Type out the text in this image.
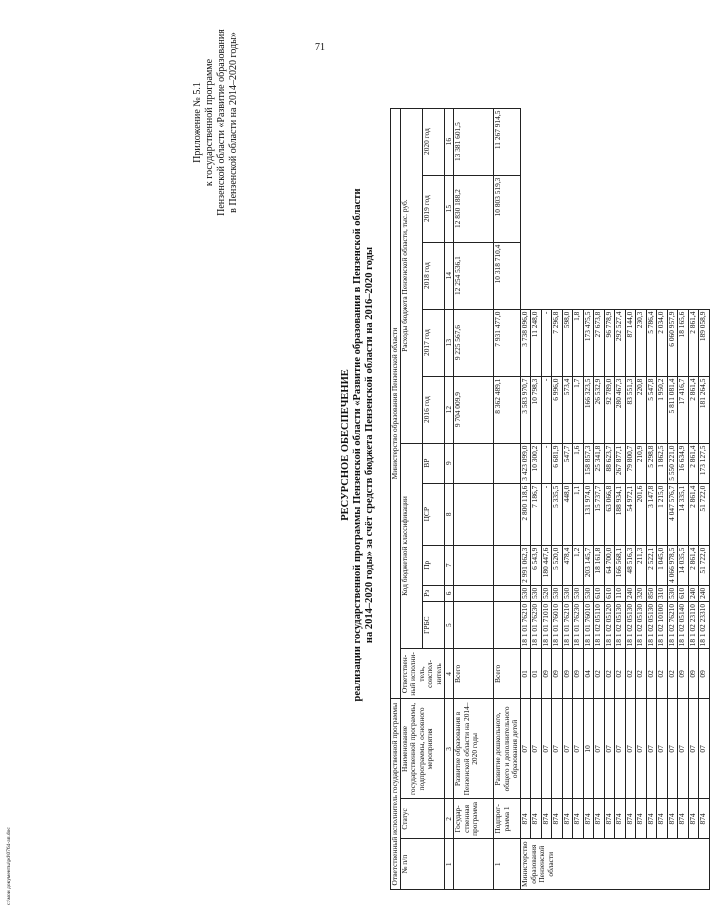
71
Приложение № 5.1 к государственной программе Пензенской области «Развитие образования в Пензенской области на 2014–2020 годы»
РЕСУРСНОЕ ОБЕСПЕЧЕНИЕ реализации государственной программы Пензенской области «Развитие образования в Пензенской области на 2014–2020 годы» за счёт средств бюджета Пензенской области на 2016–2020 годы
Ответственный исполнитель государственной программы			Министерство образования Пензенской области										
№ п/п	Статус	Наименование государственной программы, подпрограммы, основного мероприятия	Ответствен-ный исполни-тель, соиспол-нитель	Код бюджетной классификации					Расходы бюджета Пензенской области, тыс. руб.				
				ГРБС	Рз	Пр	ЦСР	ВР	2016 год	2017 год	2018 год	2019 год	2020 год
1	2	3	4	5	6	7	8	9	12	13	14	15	16
	Государ-ственная программа	Развитие образования в Пензенской области на 2014–2020 годы	Всего						9 704 009,9	9 225 567,6	12 254 536,1	12 830 188,2	13 381 601,5
1	Подпрог-рамма 1	Развитие дошкольного, общего и дополнительного образования детей	Всего						8 362 489,1	7 931 477,0	10 318 710,4	10 803 519,3	11 267 914,5
Министерство образования Пензенской области	874	07	01	18 1 01 76210	530	2 991 062,3	2 800 118,6	3 423 099,0	3 583 970,7	3 738 096,0			
	874	07	01	18 1 01 76230	530	6 543,9	7 186,7	10 300,2	10 798,3	11 248,0			
	874	07	09	18 1 01 71010	520	180 447,6	-	-	-	-			
	874	07	09	18 1 01 76010	530	5 520,0	5 335,5	6 681,9	6 996,0	7 296,8			
	874	07	09	18 1 01 76210	530	478,4	448,0	547,7	573,4	598,0			
	874	07	09	18 1 01 76230	530	1,2	1,1	1,6	1,7	1,8			
	874	10	04	18 1 01 76010	530	203 145,7	131 974,0	158 857,3	166 323,5	173 475,5			
	874	07	02	18 1 02 05110	610	18 161,8	15 737,7	25 341,8	26 532,9	27 673,8			
	874	07	02	18 1 02 05120	610	64 700,0	63 066,8	88 623,7	92 789,0	96 778,9			
	874	07	02	18 1 02 05130	110	166 568,1	188 934,1	267 877,1	280 467,3	292 527,4			
	874	07	02	18 1 02 05130	240	48 516,3	54 972,1	79 800,7	83 551,3	87 144,0			
	874	07	02	18 1 02 05130	320	211,3	201,6	210,9	220,8	230,3			
	874	07	02	18 1 02 05130	850	2 522,1	3 147,8	5 298,8	5 547,8	5 786,4			
	874	07	02	18 1 02 10100	310	1 045,0	1 215,0	1 862,5	1 950,2	2 034,0			
	874	07	02	18 1 02 76210	530	4 066 978,5	4 047 576,7	5 550 221,0	5 811 081,4	6 060 957,9			
	874	07	09	18 1 02 05140	610	14 035,5	14 335,1	16 634,9	17 416,7	18 165,6			
	874	07	09	18 1 02 23110	240	2 861,4	2 861,4	2 861,4	2 861,4	2 861,4			
	874	07	09	18 1 02 23310	240	51 722,0	51 722,0	173 127,5	181 264,5	189 058,9			
c:\мои документы\pd\0764-ап.doc
